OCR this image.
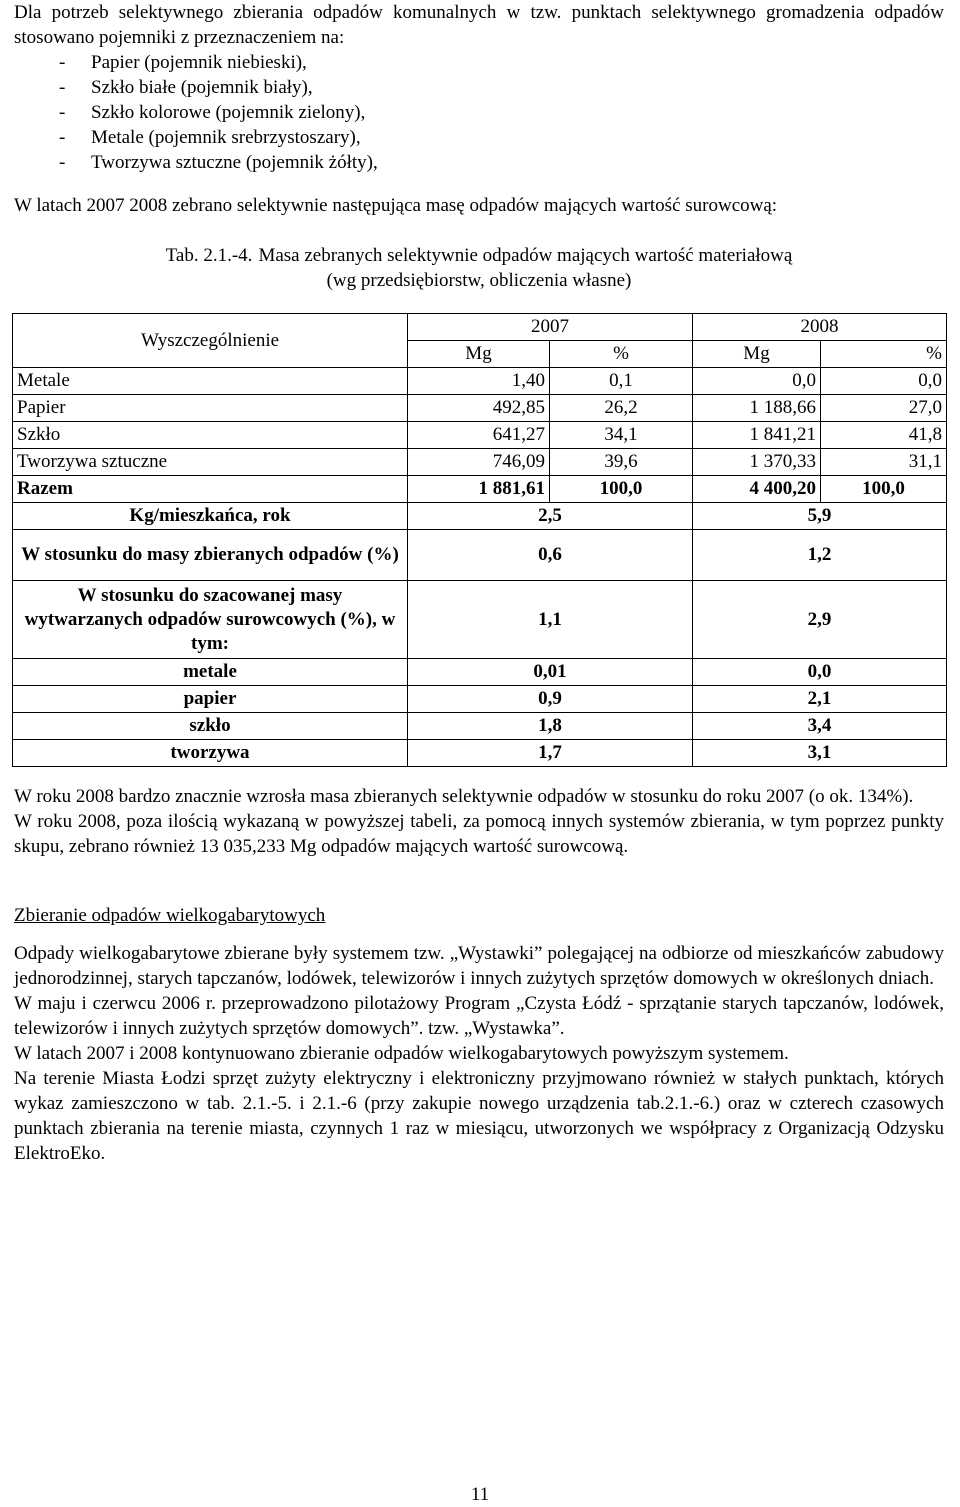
Dla potrzeb selektywnego zbierania odpadów komunalnych w tzw. punktach selektywnego gromadzenia odpadów stosowano pojemniki z przeznaczeniem na:

- Papier (pojemnik niebieski),
- Szkło białe (pojemnik biały),
- Szkło kolorowe (pojemnik zielony),
- Metale (pojemnik srebrzystoszary),
- Tworzywa sztuczne (pojemnik żółty),

W latach 2007 2008 zebrano selektywnie następująca masę odpadów mających wartość surowcową:

Tab. 2.1.-4. Masa zebranych selektywnie odpadów mających wartość materiałową
(wg przedsiębiorstw, obliczenia własne)
Wyszczególnienie	2007		2008	
	Mg	%	Mg	%
Metale	1,40	0,1	0,0	0,0
Papier	492,85	26,2	1 188,66	27,0
Szkło	641,27	34,1	1 841,21	41,8
Tworzywa sztuczne	746,09	39,6	1 370,33	31,1
Razem	1 881,61	100,0	4 400,20	100,0
Kg/mieszkańca, rok	2,5		5,9	
W stosunku do masy zbieranych odpadów (%)	0,6		1,2	
W stosunku do szacowanej masy wytwarzanych odpadów surowcowych (%), w tym:	1,1		2,9	
metale	0,01		0,0	
papier	0,9		2,1	
szkło	1,8		3,4	
tworzywa	1,7		3,1	

W roku 2008 bardzo znacznie wzrosła masa zbieranych selektywnie odpadów w stosunku do roku 2007 (o ok. 134%).

W roku 2008, poza ilością wykazaną w powyższej tabeli, za pomocą innych systemów zbierania, w tym poprzez punkty skupu, zebrano również 13 035,233 Mg odpadów mających wartość surowcową.

Zbieranie odpadów wielkogabarytowych

Odpady wielkogabarytowe zbierane były systemem tzw. „Wystawki” polegającej na odbiorze od mieszkańców zabudowy jednorodzinnej, starych tapczanów, lodówek, telewizorów i innych zużytych sprzętów domowych w określonych dniach.

W maju i czerwcu 2006 r. przeprowadzono pilotażowy Program „Czysta Łódź - sprzątanie starych tapczanów, lodówek, telewizorów i innych zużytych sprzętów domowych”. tzw. „Wystawka”.

W latach 2007 i 2008 kontynuowano zbieranie odpadów wielkogabarytowych powyższym systemem.

Na terenie Miasta Łodzi sprzęt zużyty elektryczny i elektroniczny przyjmowano również w stałych punktach, których wykaz zamieszczono w tab. 2.1.-5. i 2.1.-6 (przy zakupie nowego urządzenia tab.2.1.-6.) oraz w czterech czasowych punktach zbierania na terenie miasta, czynnych 1 raz w miesiącu, utworzonych we współpracy z Organizacją Odzysku ElektroEko.

11
